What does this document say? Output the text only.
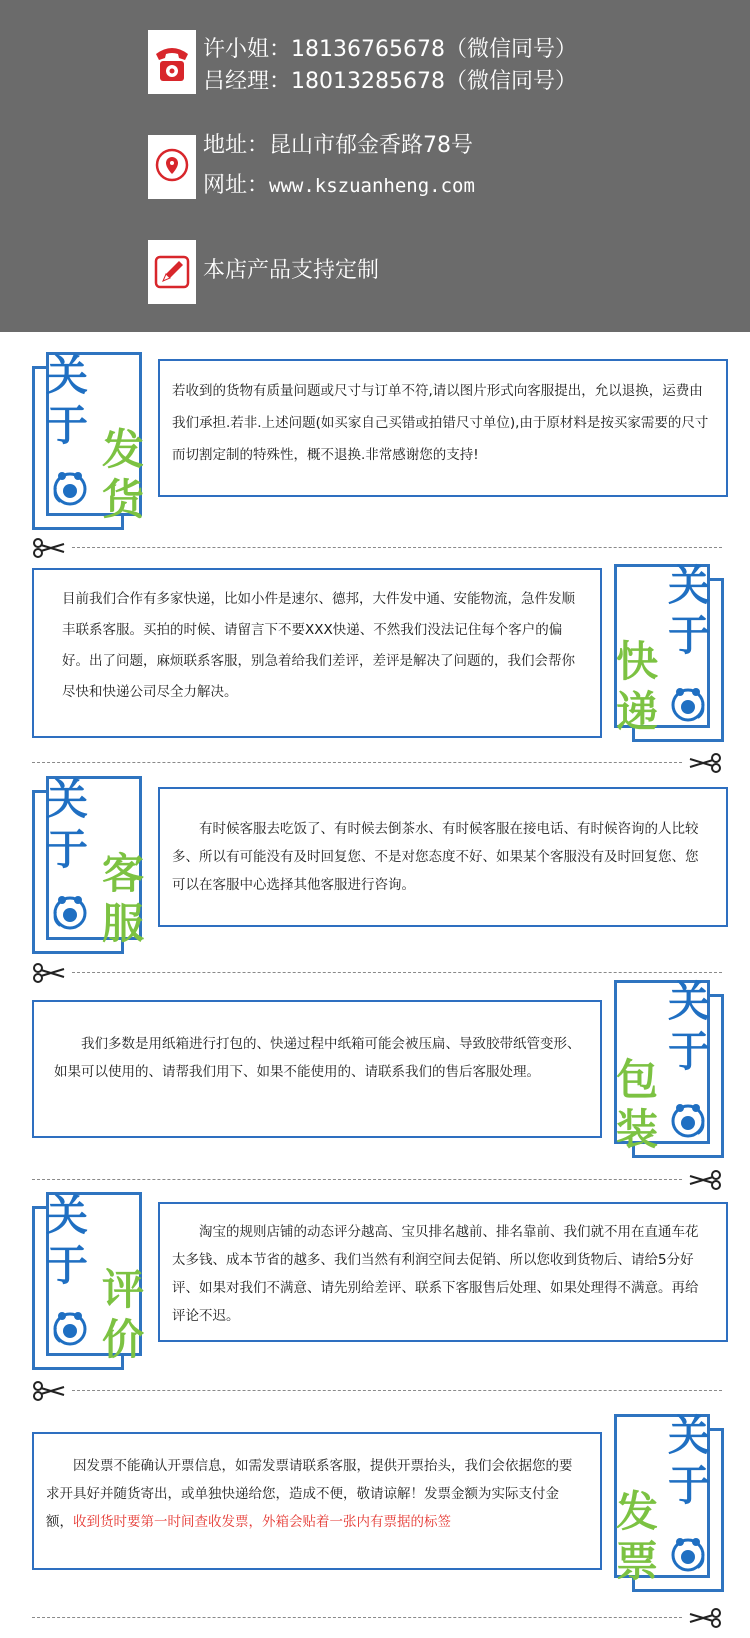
许小姐：18136765678（微信同号）
吕经理：18013285678（微信同号）
地址：昆山市郁金香路78号
网址：www.kszuanheng.com
本店产品支持定制
关
于 发
货

若收到的货物有质量问题或尺寸与订单不符,请以图片形式向客服提出，允以退换，运费由我们承担.若非.上述问题(如买家自己买错或拍错尺寸单位),由于原材料是按买家需要的尺寸而切割定制的特殊性，概不退换.非常感谢您的支持!

目前我们合作有多家快递，比如小件是速尔、德邦，大件发中通、安能物流，急件发顺丰联系客服。买拍的时候、请留言下不要XXX快递、不然我们没法记住每个客户的偏好。出了问题，麻烦联系客服，别急着给我们差评，差评是解决了问题的，我们会帮你尽快和快递公司尽全力解决。

关
于
快
递
关
于 客
服

有时候客服去吃饭了、有时候去倒茶水、有时候客服在接电话、有时候咨询的人比较多、所以有可能没有及时回复您、不是对您态度不好、如果某个客服没有及时回复您、您可以在客服中心选择其他客服进行咨询。

我们多数是用纸箱进行打包的、快递过程中纸箱可能会被压扁、导致胶带纸管变形、如果可以使用的、请帮我们用下、如果不能使用的、请联系我们的售后客服处理。

关
于
包
装
关
于 评
价

淘宝的规则店铺的动态评分越高、宝贝排名越前、排名靠前、我们就不用在直通车花太多钱、成本节省的越多、我们当然有利润空间去促销、所以您收到货物后、请给5分好评、如果对我们不满意、请先别给差评、联系下客服售后处理、如果处理得不满意。再给评论不迟。

因发票不能确认开票信息，如需发票请联系客服，提供开票抬头，我们会依据您的要求开具好并随货寄出，或单独快递给您，造成不便，敬请谅解！发票金额为实际支付金额，收到货时要第一时间查收发票，外箱会贴着一张内有票据的标签

关
于
发
票
